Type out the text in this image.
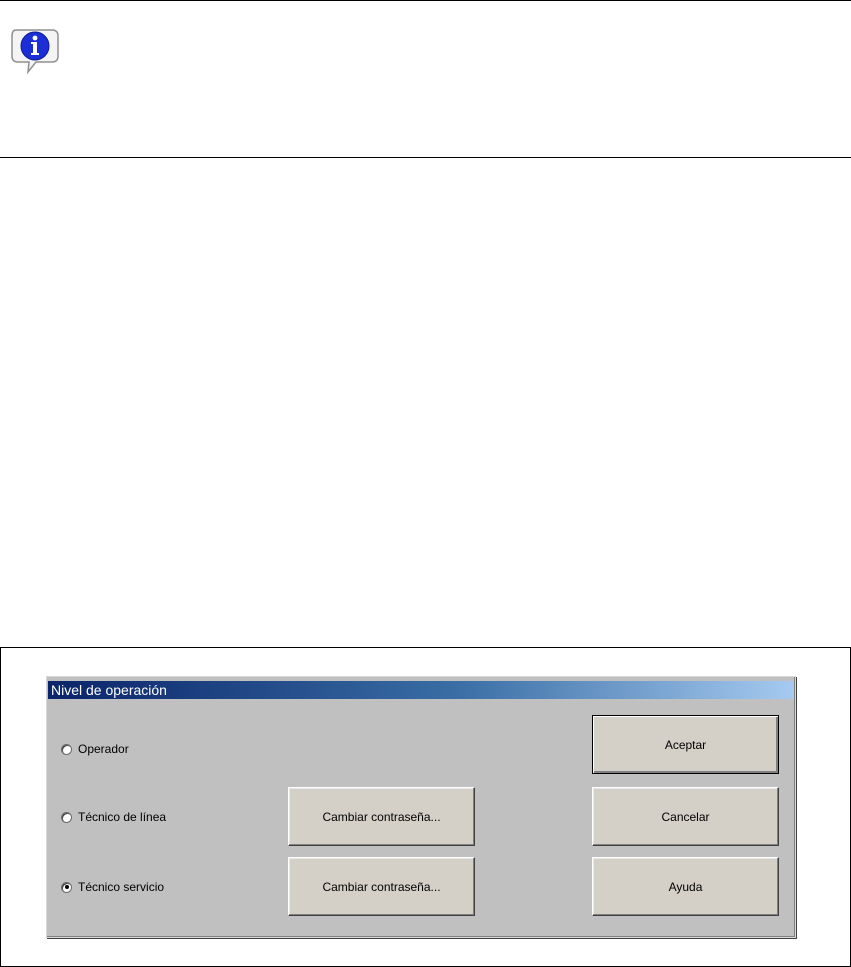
Nivel de operación
Operador
Técnico de línea
Técnico servicio
Cambiar contraseña...
Cambiar contraseña...
Aceptar
Cancelar
Ayuda
